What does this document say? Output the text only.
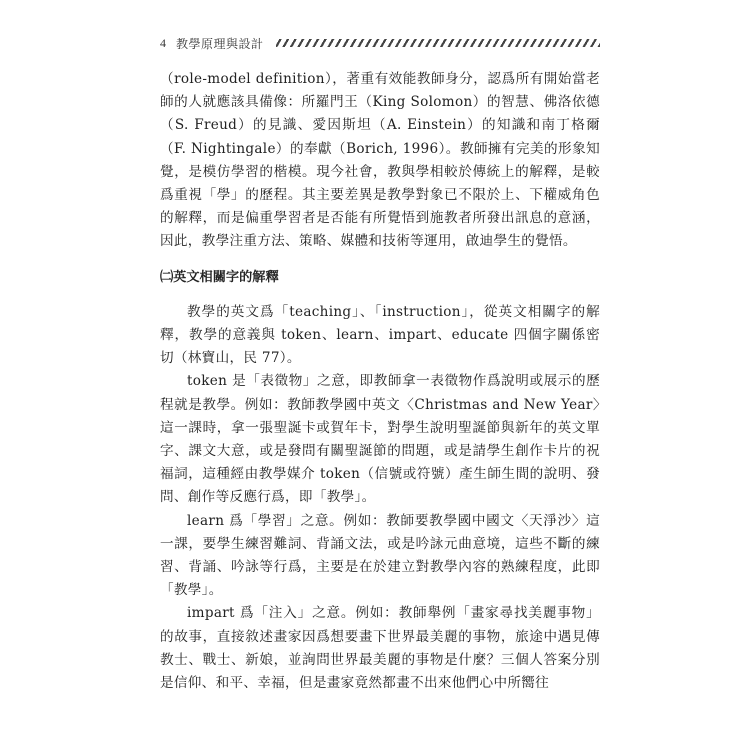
4 教學原理與設計

（role-model definition），著重有效能教師身分，認爲所有開始當老師的人就應該具備像：所羅門王（King Solomon）的智慧、佛洛依德（S. Freud）的見識、愛因斯坦（A. Einstein）的知識和南丁格爾（F. Nightingale）的奉獻（Borich, 1996）。教師擁有完美的形象知覺，是模仿學習的楷模。現今社會，教與學相較於傳統上的解釋，是較爲重視「學」的歷程。其主要差異是教學對象已不限於上、下權威角色的解釋，而是偏重學習者是否能有所覺悟到施教者所發出訊息的意涵，因此，教學注重方法、策略、媒體和技術等運用，啟迪學生的覺悟。

㈡英文相關字的解釋

教學的英文爲「teaching」、「instruction」，從英文相關字的解釋，教學的意義與 token、learn、impart、educate 四個字關係密切（林寶山，民 77）。

token 是「表徵物」之意，即教師拿一表徵物作爲說明或展示的歷程就是教學。例如：教師教學國中英文〈Christmas and New Year〉這一課時，拿一張聖誕卡或賀年卡，對學生說明聖誕節與新年的英文單字、課文大意，或是發問有關聖誕節的問題，或是請學生創作卡片的祝福詞，這種經由教學媒介 token（信號或符號）產生師生間的說明、發問、創作等反應行爲，即「教學」。

learn 爲「學習」之意。例如：教師要教學國中國文〈天淨沙〉這一課，要學生練習難詞、背誦文法，或是吟詠元曲意境，這些不斷的練習、背誦、吟詠等行爲，主要是在於建立對教學內容的熟練程度，此即「教學」。

impart 爲「注入」之意。例如：教師舉例「畫家尋找美麗事物」的故事，直接敘述畫家因爲想要畫下世界最美麗的事物，旅途中遇見傳教士、戰士、新娘，並詢問世界最美麗的事物是什麼？三個人答案分別是信仰、和平、幸福，但是畫家竟然都畫不出來他們心中所嚮往
